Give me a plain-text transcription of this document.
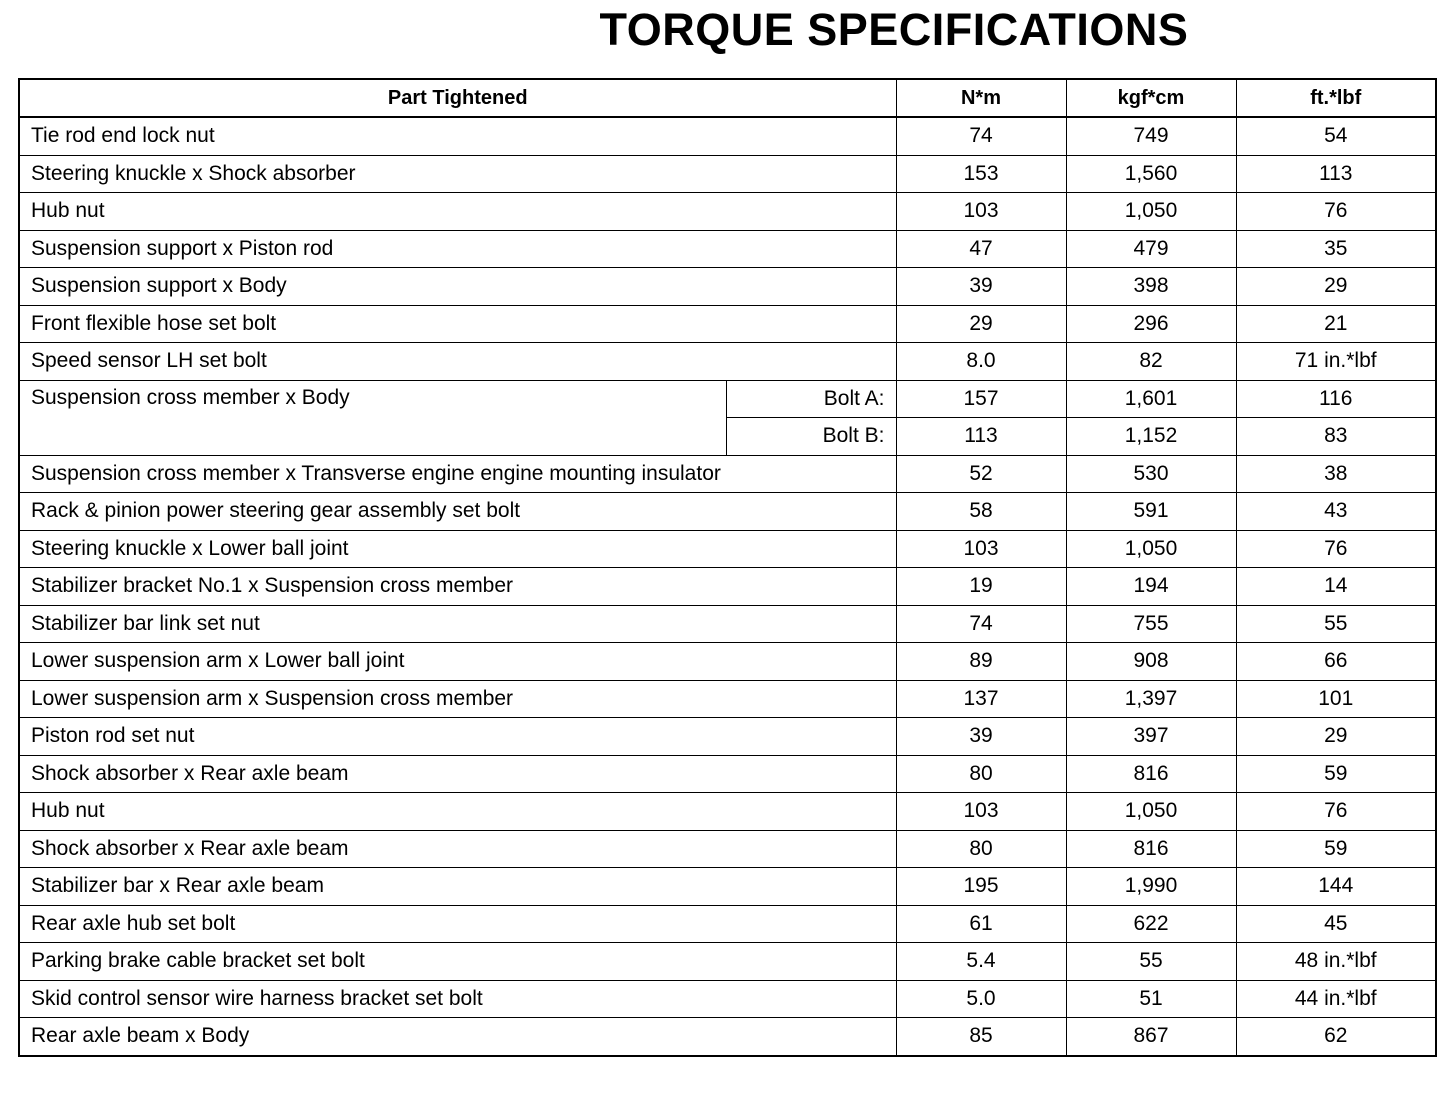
TORQUE SPECIFICATIONS
Part Tightened		N*m	kgf*cm	ft.*lbf
Tie rod end lock nut		74	749	54
Steering knuckle x Shock absorber		153	1,560	113
Hub nut		103	1,050	76
Suspension support x Piston rod		47	479	35
Suspension support x Body		39	398	29
Front flexible hose set bolt		29	296	21
Speed sensor LH set bolt		8.0	82	71 in.*lbf
Suspension cross member x Body	Bolt A:	157	1,601	116
	Bolt B:	113	1,152	83
Suspension cross member x Transverse engine engine mounting insulator		52	530	38
Rack & pinion power steering gear assembly set bolt		58	591	43
Steering knuckle x Lower ball joint		103	1,050	76
Stabilizer bracket No.1 x Suspension cross member		19	194	14
Stabilizer bar link set nut		74	755	55
Lower suspension arm x Lower ball joint		89	908	66
Lower suspension arm x Suspension cross member		137	1,397	101
Piston rod set nut		39	397	29
Shock absorber x Rear axle beam		80	816	59
Hub nut		103	1,050	76
Shock absorber x Rear axle beam		80	816	59
Stabilizer bar x Rear axle beam		195	1,990	144
Rear axle hub set bolt		61	622	45
Parking brake cable bracket set bolt		5.4	55	48 in.*lbf
Skid control sensor wire harness bracket set bolt		5.0	51	44 in.*lbf
Rear axle beam x Body		85	867	62
